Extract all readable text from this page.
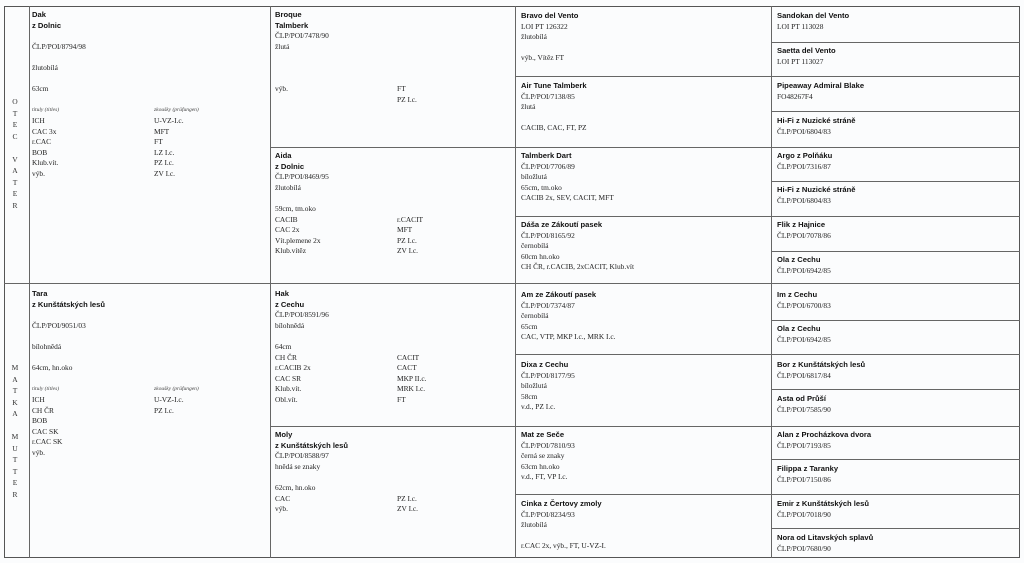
O
T
E
C
V
A
T
E
R
M
A
T
K
A
M
U
T
T
E
R
Dak
z Dolnic
ČLP/POI/8794/98
žlutobílá
63cm
tituly (titles)	zkoušky (prüfungen)
ICH	U-VZ-I.c.
CAC 3x	MFT
r.CAC	FT
BOB	LZ I.c.
Klub.vít.	PZ I.c.
výb.	ZV I.c.
Tara
z Kunštátských lesů
ČLP/POI/9051/03
bílohnědá
64cm, hn.oko
tituly (titles)	zkoušky (prüfungen)
ICH	U-VZ-I.c.
CH ČR	PZ I.c.
BOB
CAC SK
r.CAC SK
výb.
Broque
Talmberk
ČLP/POI/7478/90
žlutá
výb.	FT
PZ I.c.
Aida
z Dolnic
ČLP/POI/8469/95
žlutobílá
59cm, tm.oko
CACIB	r.CACIT
CAC 2x	MFT
Vít.plemene 2x	PZ I.c.
Klub.vítěz	ZV I.c.
Hak
z Cechu
ČLP/POI/8591/96
bílohnědá
64cm
CH ČR	CACIT
r.CACIB 2x	CACT
CAC SR	MKP II.c.
Klub.vít.	MRK I.c.
Obl.vít.	FT
Moly
z Kunštátských lesů
ČLP/POI/8588/97
hnědá se znaky
62cm, hn.oko
CAC	PZ I.c.
výb.	ZV I.c.
Bravo del Vento
LOI PT 126322
žlutobílá
výb., Vítěz FT
Air Tune Talmberk
ČLP/POI/7138/85
žlutá
CACIB, CAC, FT, PZ
Talmberk Dart
ČLP/POI/7706/89
bíložlutá
65cm, tm.oko
CACIB 2x, SEV, CACIT, MFT
Dáša ze Zákoutí pasek
ČLP/POI/8165/92
černobílá
60cm hn.oko
CH ČR, r.CACIB, 2xCACIT, Klub.vít
Am ze Zákoutí pasek
ČLP/POI/7374/87
černobílá
65cm
CAC, VTP, MKP I.c., MRK I.c.
Dixa z Cechu
ČLP/POI/8177/95
bíložlutá
58cm
v.d., PZ I.c.
Mat ze Seče
ČLP/POI/7810/93
černá se znaky
63cm hn.oko
v.d., FT, VP I.c.
Cinka z Čertovy zmoly
ČLP/POI/8234/93
žlutobílá
r.CAC 2x, výb., FT, U-VZ-I.
Sandokan del Vento
LOI PT 113028
Saetta del Vento
LOI PT 113027
Pipeaway Admiral Blake
FO48267F4
Hi-Fi z Nuzické stráně
ČLP/POI/6804/83
Argo z Polňáku
ČLP/POI/7316/87
Hi-Fi z Nuzické stráně
ČLP/POI/6804/83
Flik z Hajnice
ČLP/POI/7078/86
Ola z Cechu
ČLP/POI/6942/85
Im z Cechu
ČLP/POI/6700/83
Ola z Cechu
ČLP/POI/6942/85
Bor z Kunštátských lesů
ČLP/POI/6817/84
Asta od Průší
ČLP/POI/7585/90
Alan z Procházkova dvora
ČLP/POI/7193/85
Filippa z Taranky
ČLP/POI/7150/86
Emir z Kunštátských lesů
ČLP/POI/7018/90
Nora od Litavských splavů
ČLP/POI/7680/90
